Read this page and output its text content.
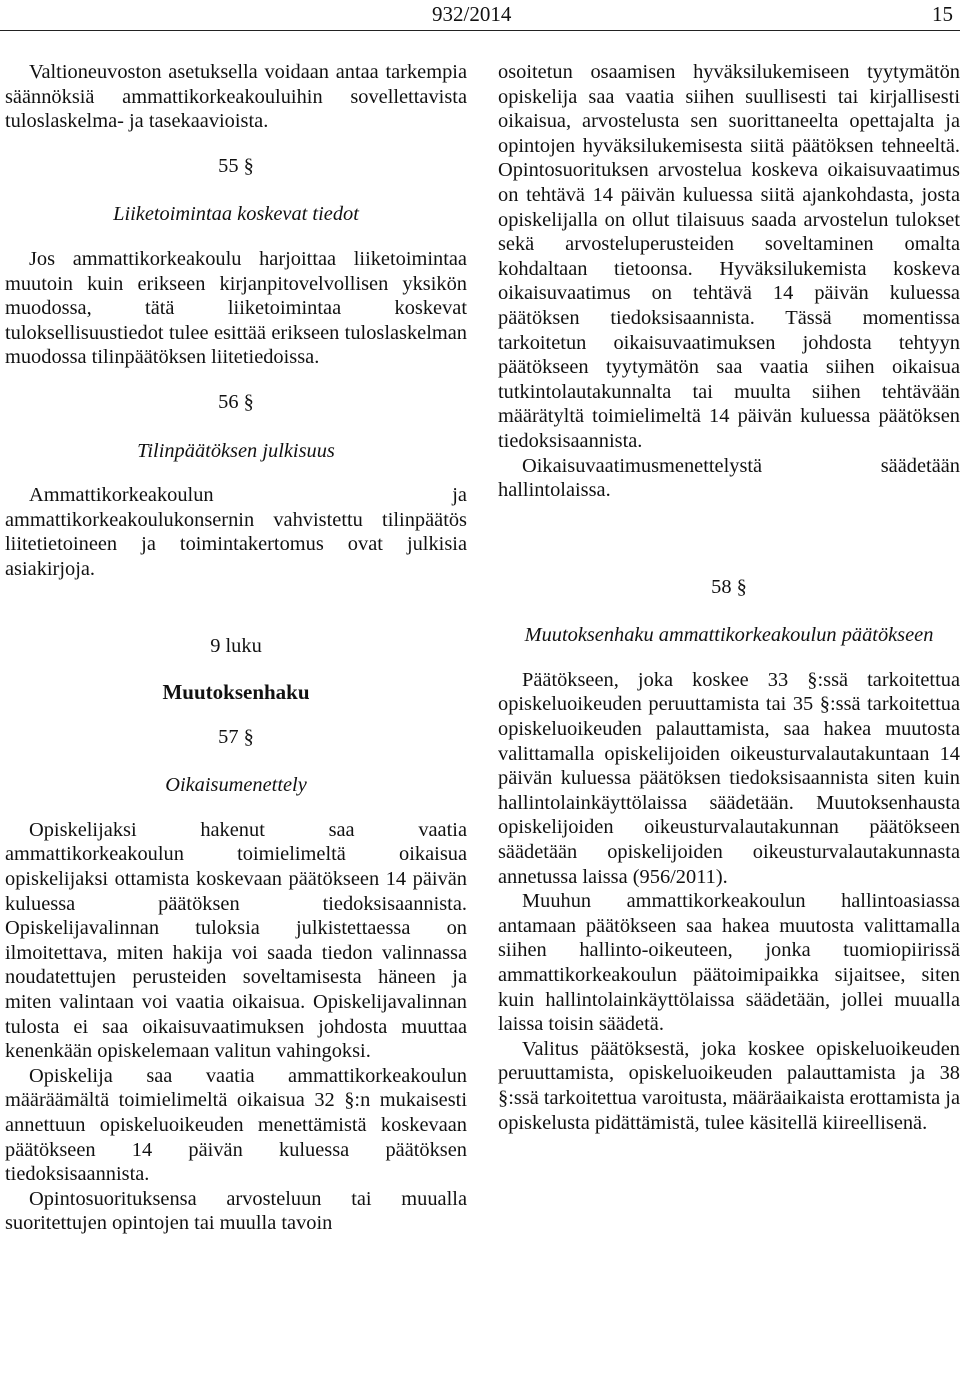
932/2014	15

Valtioneuvoston asetuksella voidaan antaa tarkempia säännöksiä ammattikorkeakouluihin sovellettavista tuloslaskelma- ja tasekaavioista.

55 §
Liiketoimintaa koskevat tiedot

Jos ammattikorkeakoulu harjoittaa liiketoimintaa muutoin kuin erikseen kirjanpitovelvollisen yksikön muodossa, tätä liiketoimintaa koskevat tuloksellisuustiedot tulee esittää erikseen tuloslaskelman muodossa tilinpäätöksen liitetiedoissa.

56 §
Tilinpäätöksen julkisuus

Ammattikorkeakoulun ja ammattikorkeakoulukonsernin vahvistettu tilinpäätös liitetietoineen ja toimintakertomus ovat julkisia asiakirjoja.

9 luku
Muutoksenhaku
57 §
Oikaisumenettely

Opiskelijaksi hakenut saa vaatia ammattikorkeakoulun toimielimeltä oikaisua opiskelijaksi ottamista koskevaan päätökseen 14 päivän kuluessa päätöksen tiedoksisaannista. Opiskelijavalinnan tuloksia julkistettaessa on ilmoitettava, miten hakija voi saada tiedon valinnassa noudatettujen perusteiden soveltamisesta häneen ja miten valintaan voi vaatia oikaisua. Opiskelijavalinnan tulosta ei saa oikaisuvaatimuksen johdosta muuttaa kenenkään opiskelemaan valitun vahingoksi.

Opiskelija saa vaatia ammattikorkeakoulun määräämältä toimielimeltä oikaisua 32 §:n mukaisesti annettuun opiskeluoikeuden menettämistä koskevaan päätökseen 14 päivän kuluessa päätöksen tiedoksisaannista.

Opintosuorituksensa arvosteluun tai muualla suoritettujen opintojen tai muulla tavoin

osoitetun osaamisen hyväksilukemiseen tyytymätön opiskelija saa vaatia siihen suullisesti tai kirjallisesti oikaisua, arvostelusta sen suorittaneelta opettajalta ja opintojen hyväksilukemisesta siitä päätöksen tehneeltä. Opintosuorituksen arvostelua koskeva oikaisuvaatimus on tehtävä 14 päivän kuluessa siitä ajankohdasta, josta opiskelijalla on ollut tilaisuus saada arvostelun tulokset sekä arvosteluperusteiden soveltaminen omalta kohdaltaan tietoonsa. Hyväksilukemista koskeva oikaisuvaatimus on tehtävä 14 päivän kuluessa päätöksen tiedoksisaannista. Tässä momentissa tarkoitetun oikaisuvaatimuksen johdosta tehtyyn päätökseen tyytymätön saa vaatia siihen oikaisua tutkintolautakunnalta tai muulta siihen tehtävään määrätyltä toimielimeltä 14 päivän kuluessa päätöksen tiedoksisaannista.

Oikaisuvaatimusmenettelystä säädetään hallintolaissa.

58 §
Muutoksenhaku ammattikorkeakoulun päätökseen

Päätökseen, joka koskee 33 §:ssä tarkoitettua opiskeluoikeuden peruuttamista tai 35 §:ssä tarkoitettua opiskeluoikeuden palauttamista, saa hakea muutosta valittamalla opiskelijoiden oikeusturvalautakuntaan 14 päivän kuluessa päätöksen tiedoksisaannista siten kuin hallintolainkäyttölaissa säädetään. Muutoksenhausta opiskelijoiden oikeusturvalautakunnan päätökseen säädetään opiskelijoiden oikeusturvalautakunnasta annetussa laissa (956/2011).

Muuhun ammattikorkeakoulun hallintoasiassa antamaan päätökseen saa hakea muutosta valittamalla siihen hallinto-oikeuteen, jonka tuomiopiirissä ammattikorkeakoulun päätoimipaikka sijaitsee, siten kuin hallintolainkäyttölaissa säädetään, jollei muualla laissa toisin säädetä.

Valitus päätöksestä, joka koskee opiskeluoikeuden peruuttamista, opiskeluoikeuden palauttamista ja 38 §:ssä tarkoitettua varoitusta, määräaikaista erottamista ja opiskelusta pidättämistä, tulee käsitellä kiireellisenä.
